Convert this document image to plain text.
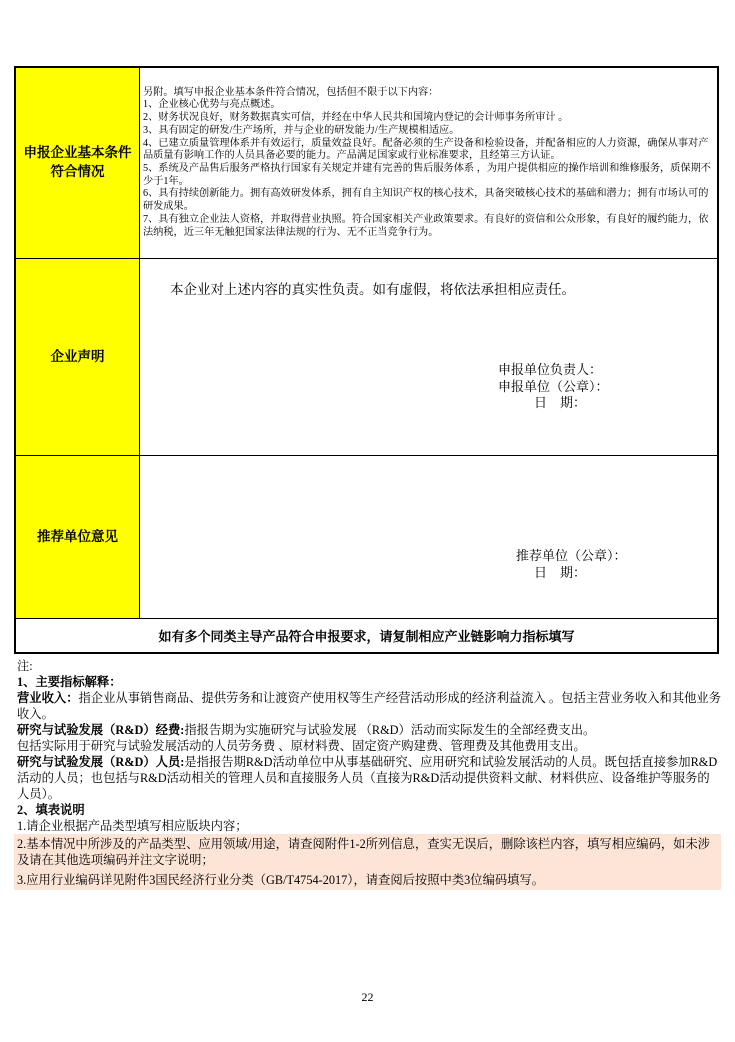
申报企业基本条件
符合情况

另附。填写申报企业基本条件符合情况，包括但不限于以下内容：

1、企业核心优势与亮点概述。

2、财务状况良好，财务数据真实可信，并经在中华人民共和国境内登记的会计师事务所审计 。

3、具有固定的研发/生产场所，并与企业的研发能力/生产规模相适应。

4、已建立质量管理体系并有效运行，质量效益良好。配备必须的生产设备和检验设备，并配备相应的人力资源，确保从事对产品质量有影响工作的人员具备必要的能力。产品满足国家或行业标准要求，且经第三方认证。

5、系统及产品售后服务严格执行国家有关规定并建有完善的售后服务体系 ，为用户提供相应的操作培训和维修服务，质保期不少于1年。

6、具有持续创新能力。拥有高效研发体系，拥有自主知识产权的核心技术，具备突破核心技术的基础和潜力；拥有市场认可的研发成果。

7、具有独立企业法人资格，并取得营业执照。符合国家相关产业政策要求。有良好的资信和公众形象，有良好的履约能力，依法纳税，近三年无触犯国家法律法规的行为、无不正当竞争行为。

企业声明

本企业对上述内容的真实性负责。如有虚假，将依法承担相应责任。

申报单位负责人：

申报单位（公章）：

日　期：

推荐单位意见

推荐单位（公章）：

日　期：

如有多个同类主导产品符合申报要求，请复制相应产业链影响力指标填写

注:

1、主要指标解释：

营业收入：指企业从事销售商品、提供劳务和让渡资产使用权等生产经营活动形成的经济利益流入 。包括主营业务收入和其他业务收入。

研究与试验发展（R&D）经费:指报告期为实施研究与试验发展 （R&D）活动而实际发生的全部经费支出。

包括实际用于研究与试验发展活动的人员劳务费 、原材料费、固定资产购建费、管理费及其他费用支出。

研究与试验发展（R&D）人员:是指报告期R&D活动单位中从事基础研究、应用研究和试验发展活动的人员。既包括直接参加R&D活动的人员；也包括与R&D活动相关的管理人员和直接服务人员（直接为R&D活动提供资料文献、材料供应、设备维护等服务的人员）。

2、填表说明

1.请企业根据产品类型填写相应版块内容；

2.基本情况中所涉及的产品类型、应用领域/用途，请查阅附件1-2所列信息，查实无误后，删除该栏内容，填写相应编码，如未涉及请在其他选项编码并注文字说明；

3.应用行业编码详见附件3国民经济行业分类（GB/T4754-2017），请查阅后按照中类3位编码填写。

22
